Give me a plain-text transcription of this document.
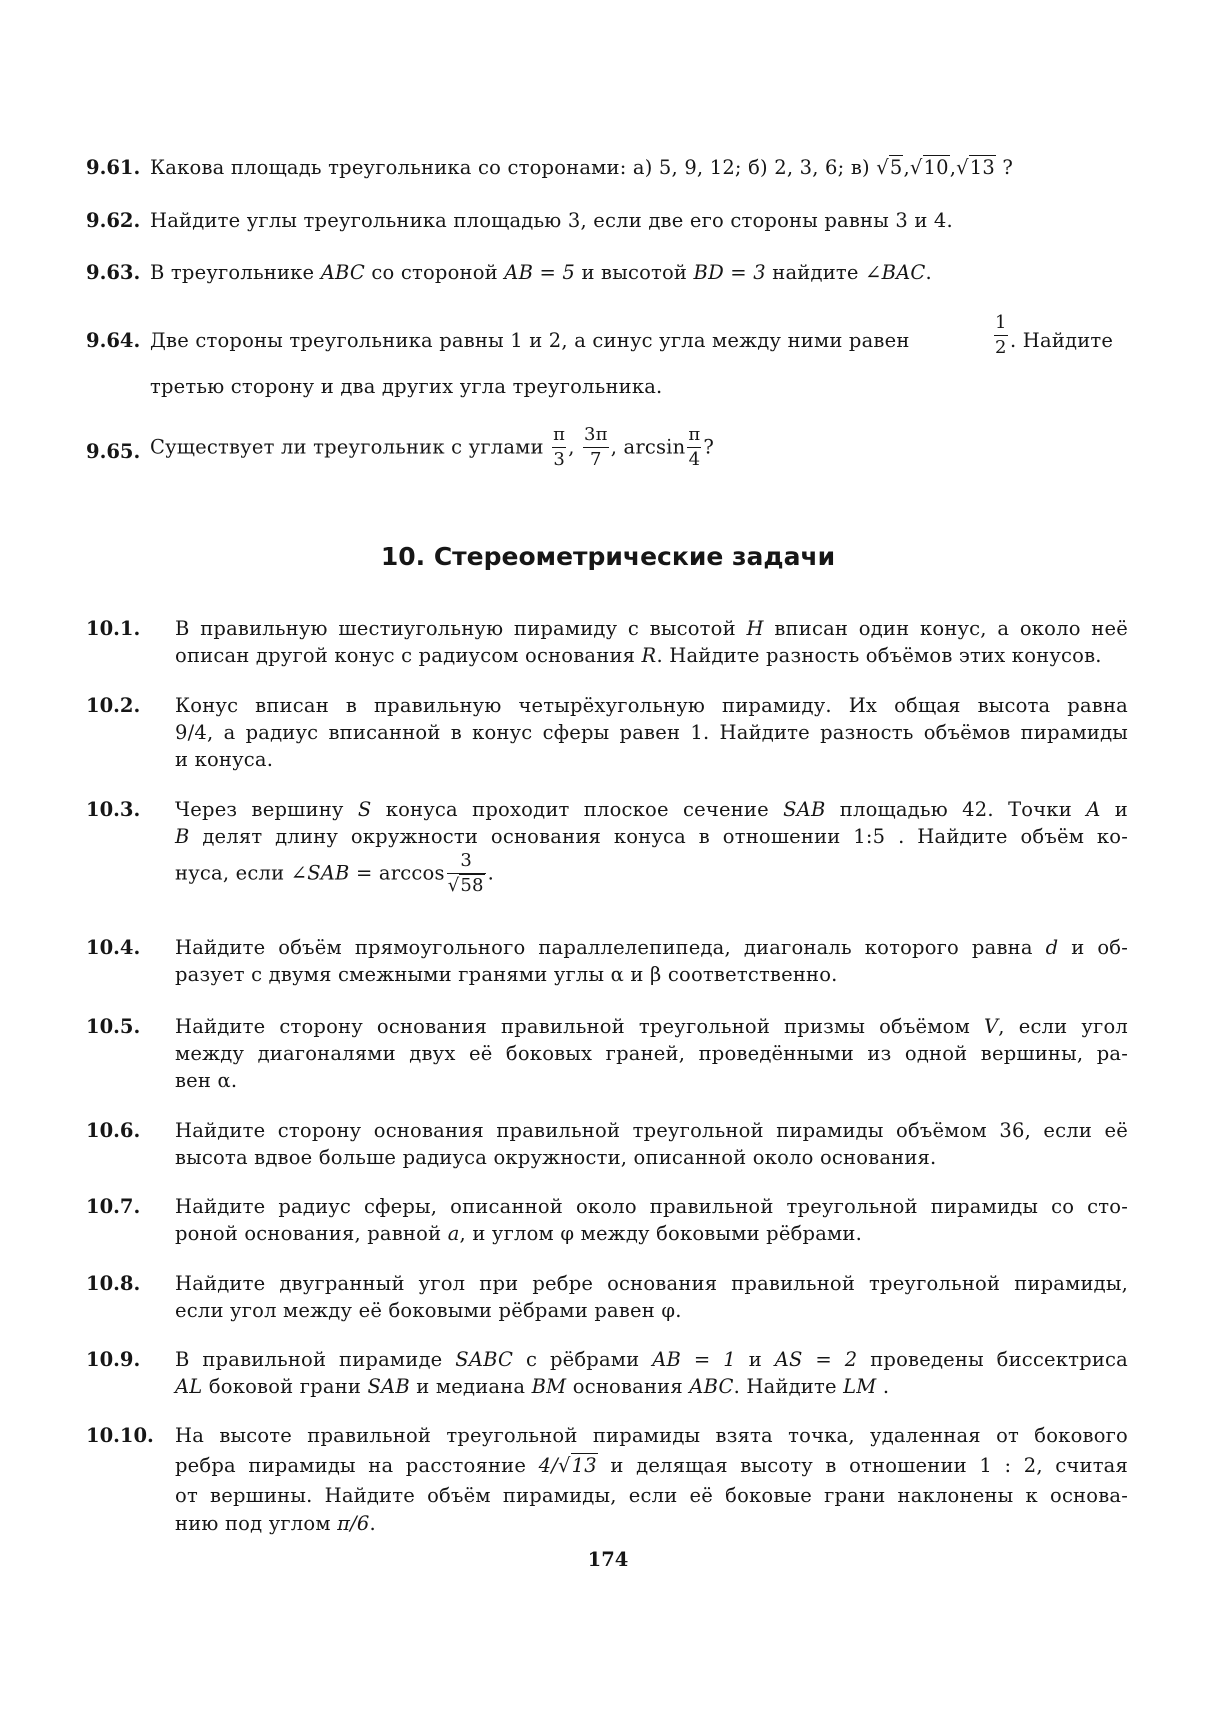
9.61. Какова площадь треугольника со сторонами: а) 5, 9, 12; б) 2, 3, 6; в) √5,√10,√13 ?
9.62. Найдите углы треугольника площадью 3, если две его стороны равны 3 и 4.
9.63. В треугольнике ABC со стороной AB = 5 и высотой BD = 3 найдите ∠BAC.
9.64. Две стороны треугольника равны 1 и 2, а синус угла между ними равен	$\frac{1}{2}$ . Найдите
третью сторону и два других угла треугольника.
9.65. Существует ли треугольник с углами $\frac{\pi}{3}$ , $\frac{3\pi}{7}$ , $\arcsin \frac{\pi}{4}$ ?
10. Стереометрические задачи
10.1. В правильную шестиугольную пирамиду с высотой H вписан один конус, а около неё
описан другой конус с радиусом основания R. Найдите разность объёмов этих конусов.
10.2. Конус вписан в правильную четырёхугольную пирамиду. Их общая высота равна
9/4, а радиус вписанной в конус сферы равен 1. Найдите разность объёмов пирамиды
и конуса.
10.3. Через вершину S конуса проходит плоское сечение SAB площадью 42. Точки A и
B делят длину окружности основания конуса в отношении 1:5 . Найдите объём ко-
нуса, если ∠SAB = $\arccos \frac{3}{√58}$ .
10.4. Найдите объём прямоугольного параллелепипеда, диагональ которого равна d и об-
разует с двумя смежными гранями углы α и β соответственно.
10.5. Найдите сторону основания правильной треугольной призмы объёмом V, если угол
между диагоналями двух её боковых граней, проведёнными из одной вершины, ра-
вен α.
10.6. Найдите сторону основания правильной треугольной пирамиды объёмом 36, если её
высота вдвое больше радиуса окружности, описанной около основания.
10.7. Найдите радиус сферы, описанной около правильной треугольной пирамиды со сто-
роной основания, равной a, и углом φ между боковыми рёбрами.
10.8. Найдите двугранный угол при ребре основания правильной треугольной пирамиды,
если угол между её боковыми рёбрами равен φ.
10.9. В правильной пирамиде SABC с рёбрами AB = 1 и AS = 2 проведены биссектриса
AL боковой грани SAB и медиана BM основания ABC. Найдите LM .
10.10. На высоте правильной треугольной пирамиды взята точка, удаленная от бокового
ребра пирамиды на расстояние 4/√13 и делящая высоту в отношении 1 : 2, считая
от вершины. Найдите объём пирамиды, если её боковые грани наклонены к основа-
нию под углом π/6.
174
